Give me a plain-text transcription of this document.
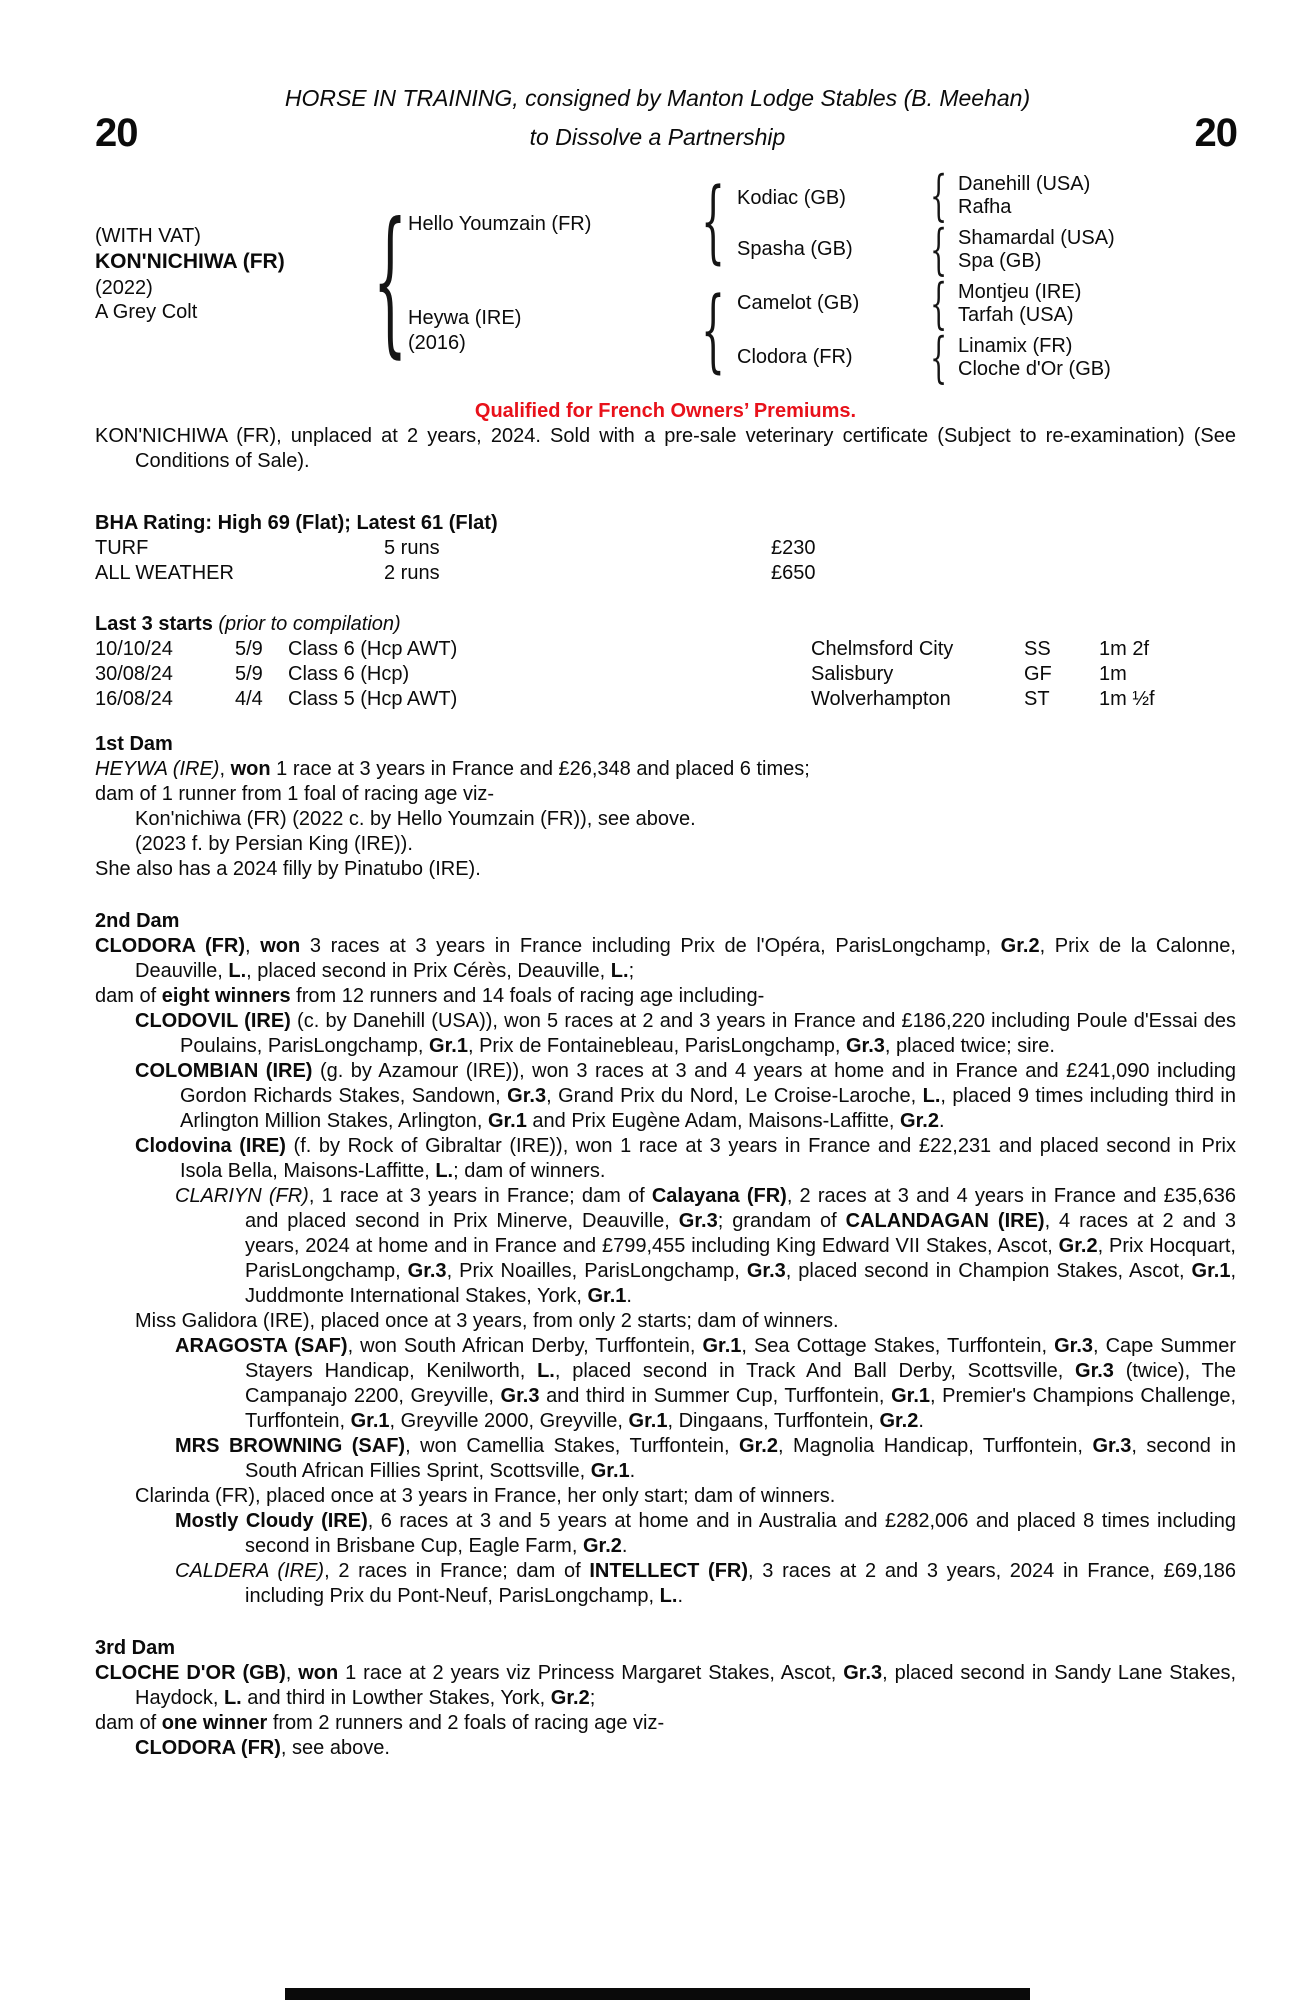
20	20
HORSE IN TRAINING, consigned by Manton Lodge Stables (B. Meehan)
to Dissolve a Partnership
(WITH VAT)
KON'NICHIWA (FR)
(2022)
A Grey Colt
{
Hello Youmzain (FR)
Heywa (IRE)
(2016)
{
{
Kodiac (GB)
Spasha (GB)
Camelot (GB)
Clodora (FR)
{
{
{
{
Danehill (USA)
Rafha
Shamardal (USA)
Spa (GB)
Montjeu (IRE)
Tarfah (USA)
Linamix (FR)
Cloche d'Or (GB)
Qualified for French Owners’ Premiums.

KON'NICHIWA (FR), unplaced at 2 years, 2024. Sold with a pre-sale veterinary certificate (Subject to re-examination) (See Conditions of Sale).

BHA Rating: High 69 (Flat); Latest 61 (Flat)
TURF	5 runs	£230
ALL WEATHER	2 runs	£650
Last 3 starts (prior to compilation)
10/10/24	5/9	Class 6 (Hcp AWT)	Chelmsford City	SS	1m 2f
30/08/24	5/9	Class 6 (Hcp)	Salisbury	GF	1m
16/08/24	4/4	Class 5 (Hcp AWT)	Wolverhampton	ST	1m ½f
1st Dam

HEYWA (IRE), won 1 race at 3 years in France and £26,348 and placed 6 times;

dam of 1 runner from 1 foal of racing age viz-

Kon'nichiwa (FR) (2022 c. by Hello Youmzain (FR)), see above.

(2023 f. by Persian King (IRE)).

She also has a 2024 filly by Pinatubo (IRE).

2nd Dam

CLODORA (FR), won 3 races at 3 years in France including Prix de l'Opéra, ParisLongchamp, Gr.2, Prix de la Calonne, Deauville, L., placed second in Prix Cérès, Deauville, L.;

dam of eight winners from 12 runners and 14 foals of racing age including-

CLODOVIL (IRE) (c. by Danehill (USA)), won 5 races at 2 and 3 years in France and £186,220 including Poule d'Essai des Poulains, ParisLongchamp, Gr.1, Prix de Fontainebleau, ParisLongchamp, Gr.3, placed twice; sire.

COLOMBIAN (IRE) (g. by Azamour (IRE)), won 3 races at 3 and 4 years at home and in France and £241,090 including Gordon Richards Stakes, Sandown, Gr.3, Grand Prix du Nord, Le Croise-Laroche, L., placed 9 times including third in Arlington Million Stakes, Arlington, Gr.1 and Prix Eugène Adam, Maisons-Laffitte, Gr.2.

Clodovina (IRE) (f. by Rock of Gibraltar (IRE)), won 1 race at 3 years in France and £22,231 and placed second in Prix Isola Bella, Maisons-Laffitte, L.; dam of winners.

CLARIYN (FR), 1 race at 3 years in France; dam of Calayana (FR), 2 races at 3 and 4 years in France and £35,636 and placed second in Prix Minerve, Deauville, Gr.3; grandam of CALANDAGAN (IRE), 4 races at 2 and 3 years, 2024 at home and in France and £799,455 including King Edward VII Stakes, Ascot, Gr.2, Prix Hocquart, ParisLongchamp, Gr.3, Prix Noailles, ParisLongchamp, Gr.3, placed second in Champion Stakes, Ascot, Gr.1, Juddmonte International Stakes, York, Gr.1.

Miss Galidora (IRE), placed once at 3 years, from only 2 starts; dam of winners.

ARAGOSTA (SAF), won South African Derby, Turffontein, Gr.1, Sea Cottage Stakes, Turffontein, Gr.3, Cape Summer Stayers Handicap, Kenilworth, L., placed second in Track And Ball Derby, Scottsville, Gr.3 (twice), The Campanajo 2200, Greyville, Gr.3 and third in Summer Cup, Turffontein, Gr.1, Premier's Champions Challenge, Turffontein, Gr.1, Greyville 2000, Greyville, Gr.1, Dingaans, Turffontein, Gr.2.

MRS BROWNING (SAF), won Camellia Stakes, Turffontein, Gr.2, Magnolia Handicap, Turffontein, Gr.3, second in South African Fillies Sprint, Scottsville, Gr.1.

Clarinda (FR), placed once at 3 years in France, her only start; dam of winners.

Mostly Cloudy (IRE), 6 races at 3 and 5 years at home and in Australia and £282,006 and placed 8 times including second in Brisbane Cup, Eagle Farm, Gr.2.

CALDERA (IRE), 2 races in France; dam of INTELLECT (FR), 3 races at 2 and 3 years, 2024 in France, £69,186 including Prix du Pont-Neuf, ParisLongchamp, L..

3rd Dam

CLOCHE D'OR (GB), won 1 race at 2 years viz Princess Margaret Stakes, Ascot, Gr.3, placed second in Sandy Lane Stakes, Haydock, L. and third in Lowther Stakes, York, Gr.2;

dam of one winner from 2 runners and 2 foals of racing age viz-

CLODORA (FR), see above.
